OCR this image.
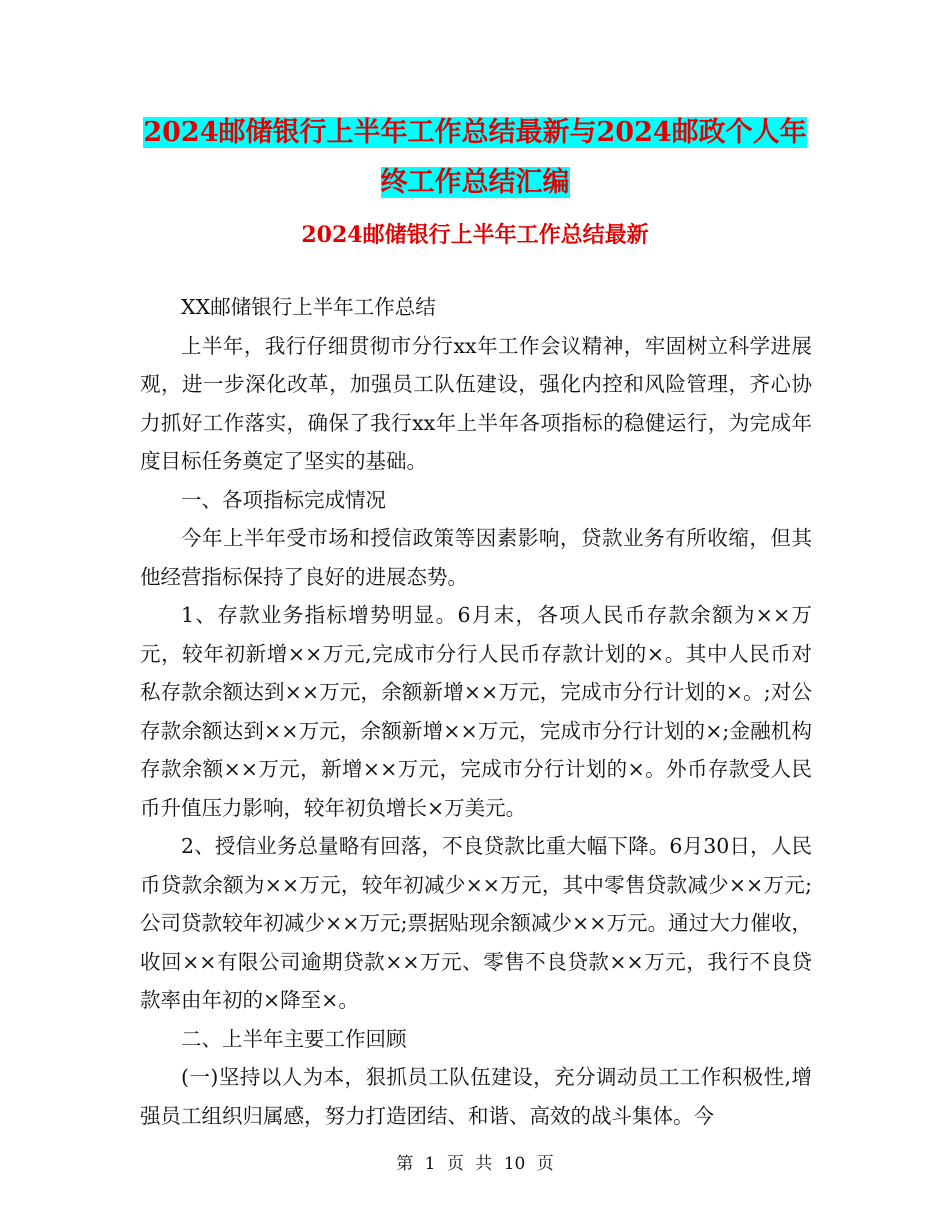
2024邮储银行上半年工作总结最新与2024邮政个人年
终工作总结汇编
2024邮储银行上半年工作总结最新

XX邮储银行上半年工作总结

上半年，我行仔细贯彻市分行xx年工作会议精神，牢固树立科学进展观，进一步深化改革，加强员工队伍建设，强化内控和风险管理，齐心协力抓好工作落实，确保了我行xx年上半年各项指标的稳健运行，为完成年度目标任务奠定了坚实的基础。

一、各项指标完成情况

今年上半年受市场和授信政策等因素影响，贷款业务有所收缩，但其他经营指标保持了良好的进展态势。

1、存款业务指标增势明显。6月末，各项人民币存款余额为××万元，较年初新增××万元,完成市分行人民币存款计划的×。其中人民币对私存款余额达到××万元，余额新增××万元，完成市分行计划的×。;对公存款余额达到××万元，余额新增××万元，完成市分行计划的×;金融机构存款余额××万元，新增××万元，完成市分行计划的×。外币存款受人民币升值压力影响，较年初负增长×万美元。

2、授信业务总量略有回落，不良贷款比重大幅下降。6月30日，人民币贷款余额为××万元，较年初减少××万元，其中零售贷款减少××万元;公司贷款较年初减少××万元;票据贴现余额减少××万元。通过大力催收，收回××有限公司逾期贷款××万元、零售不良贷款××万元，我行不良贷款率由年初的×降至×。

二、上半年主要工作回顾

(一)坚持以人为本，狠抓员工队伍建设，充分调动员工工作积极性,增强员工组织归属感，努力打造团结、和谐、高效的战斗集体。今

第 1 页 共 10 页
